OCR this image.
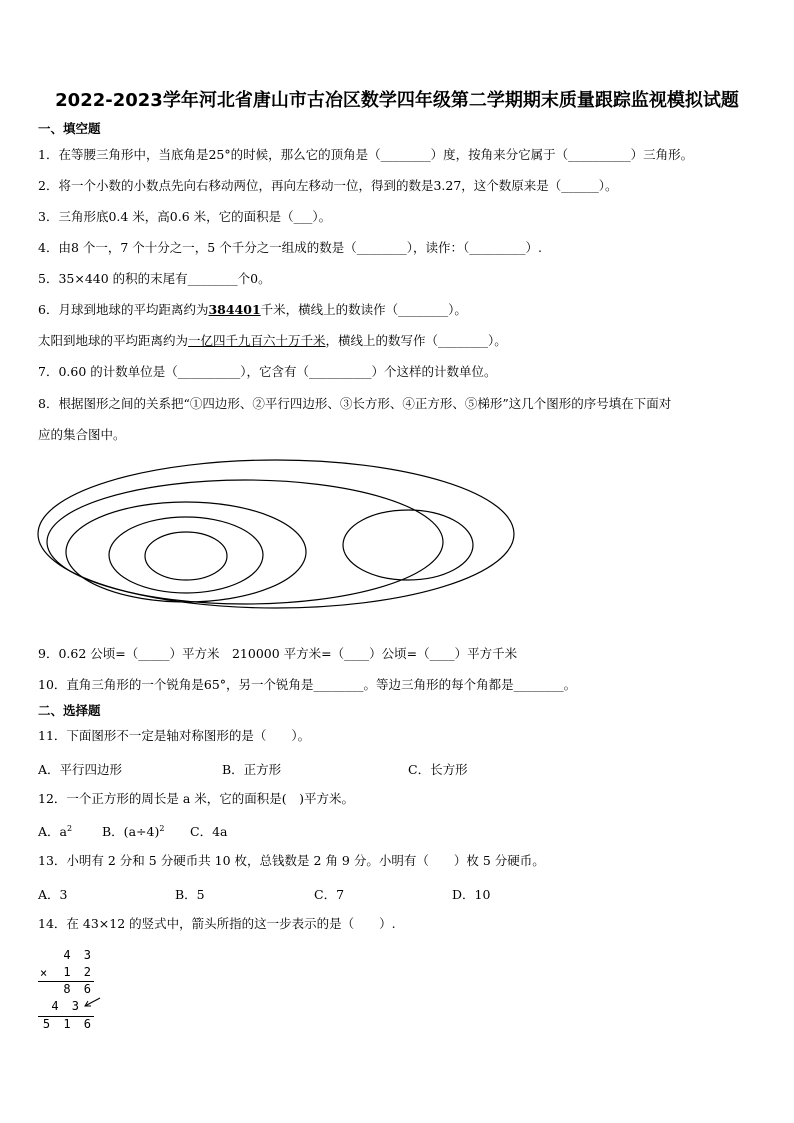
2022-2023学年河北省唐山市古冶区数学四年级第二学期期末质量跟踪监视模拟试题
一、填空题
1．在等腰三角形中，当底角是25°的时候，那么它的顶角是（________）度，按角来分它属于（__________）三角形。
2．将一个小数的小数点先向右移动两位，再向左移动一位，得到的数是3.27，这个数原来是（______）。
3．三角形底0.4 米，高0.6 米，它的面积是（___）。
4．由8 个一，7 个十分之一，5 个千分之一组成的数是（________），读作：（_________）.
5．35×440 的积的末尾有________个0。
6．月球到地球的平均距离约为384401千米，横线上的数读作（________）。
太阳到地球的平均距离约为一亿四千九百六十万千米，横线上的数写作（________）。
7．0.60 的计数单位是（__________），它含有（__________）个这样的计数单位。
8．根据图形之间的关系把“①四边形、②平行四边形、③长方形、④正方形、⑤梯形”这几个图形的序号填在下面对
应的集合图中。
9．0.62 公顷=（_____）平方米　210000 平方米=（____）公顷=（____）平方千米
10．直角三角形的一个锐角是65°，另一个锐角是________。等边三角形的每个角都是________。
二、选择题
11．下面图形不一定是轴对称图形的是（　　）。
A．平行四边形	B．正方形	C．长方形
12．一个正方形的周长是 a 米，它的面积是(　)平方米。
A．$a^2$ B．$(a\div 4)^2$ C．4a
13．小明有 2 分和 5 分硬币共 10 枚，总钱数是 2 角 9 分。小明有（　　）枚 5 分硬币。
A．3	B．5	C．7	D．10
14．在 43×12 的竖式中，箭头所指的这一步表示的是（　　）.
4 3
× 1 2
8 6
4 3
5 1 6
